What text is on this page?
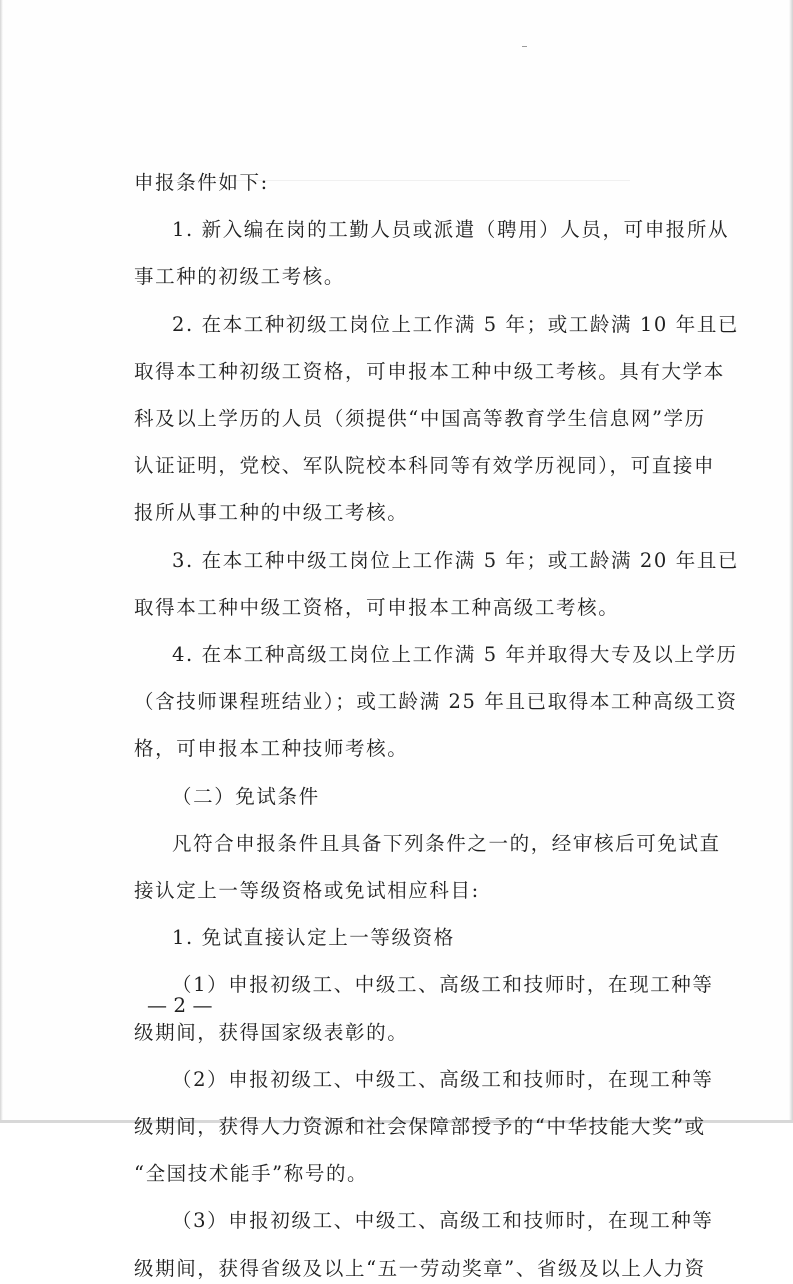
申报条件如下:
1. 新入编在岗的工勤人员或派遣（聘用）人员，可申报所从
事工种的初级工考核。
2. 在本工种初级工岗位上工作满 5 年；或工龄满 10 年且已
取得本工种初级工资格，可申报本工种中级工考核。具有大学本
科及以上学历的人员（须提供“中国高等教育学生信息网”学历
认证证明，党校、军队院校本科同等有效学历视同），可直接申
报所从事工种的中级工考核。
3. 在本工种中级工岗位上工作满 5 年；或工龄满 20 年且已
取得本工种中级工资格，可申报本工种高级工考核。
4. 在本工种高级工岗位上工作满 5 年并取得大专及以上学历
（含技师课程班结业）；或工龄满 25 年且已取得本工种高级工资
格，可申报本工种技师考核。
（二）免试条件
凡符合申报条件且具备下列条件之一的，经审核后可免试直
接认定上一等级资格或免试相应科目:
1. 免试直接认定上一等级资格
（1）申报初级工、中级工、高级工和技师时，在现工种等
级期间，获得国家级表彰的。
（2）申报初级工、中级工、高级工和技师时，在现工种等
级期间，获得人力资源和社会保障部授予的“中华技能大奖”或
“全国技术能手”称号的。
（3）申报初级工、中级工、高级工和技师时，在现工种等
级期间，获得省级及以上“五一劳动奖章”、省级及以上人力资
— 2 —
